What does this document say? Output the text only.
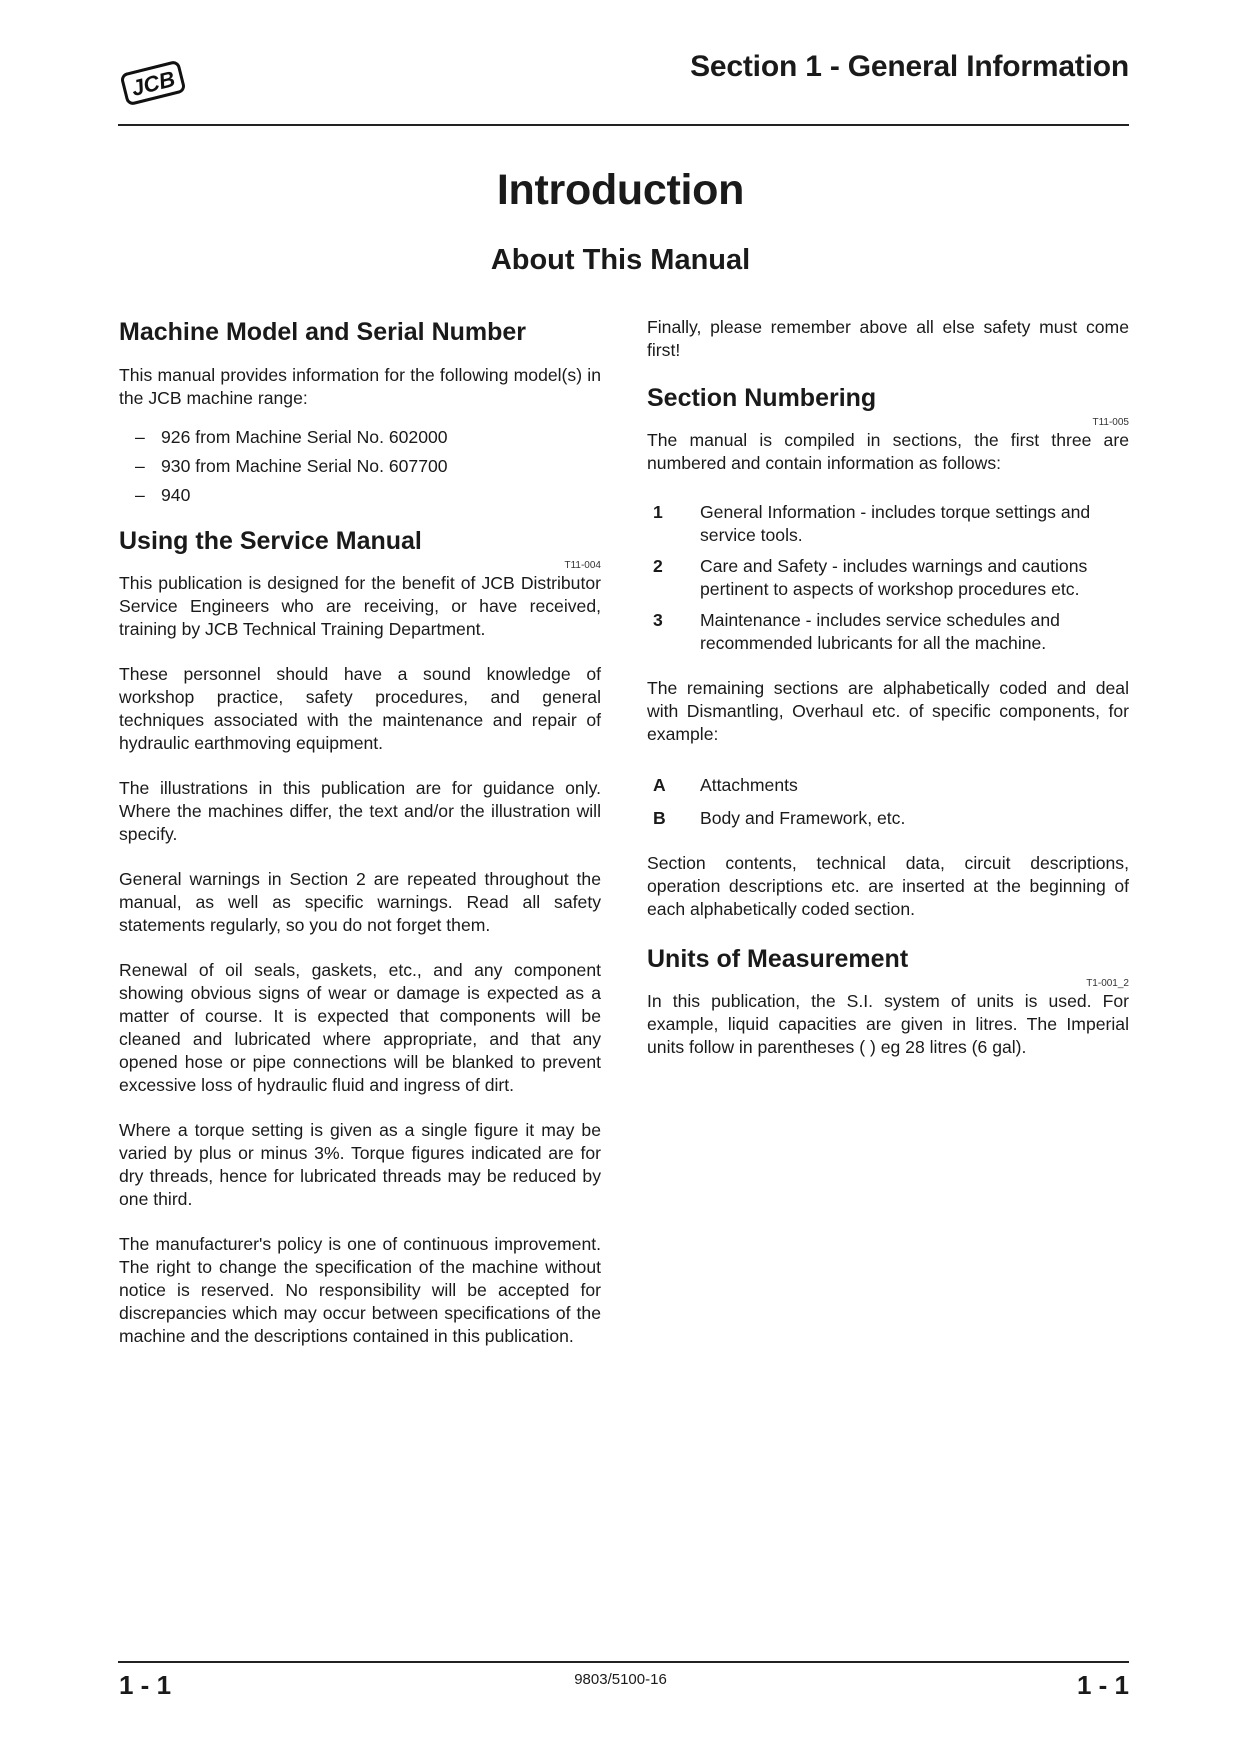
JCB	Section 1 - General Information
Introduction
About This Manual
Machine Model and Serial Number

This manual provides information for the following model(s) in the JCB machine range:

– 926 from Machine Serial No. 602000
– 930 from Machine Serial No. 607700
– 940
Using the Service Manual
T11-004

This publication is designed for the benefit of JCB Distributor Service Engineers who are receiving, or have received, training by JCB Technical Training Department.

These personnel should have a sound knowledge of workshop practice, safety procedures, and general techniques associated with the maintenance and repair of hydraulic earthmoving equipment.

The illustrations in this publication are for guidance only. Where the machines differ, the text and/or the illustration will specify.

General warnings in Section 2 are repeated throughout the manual, as well as specific warnings. Read all safety statements regularly, so you do not forget them.

Renewal of oil seals, gaskets, etc., and any component showing obvious signs of wear or damage is expected as a matter of course. It is expected that components will be cleaned and lubricated where appropriate, and that any opened hose or pipe connections will be blanked to prevent excessive loss of hydraulic fluid and ingress of dirt.

Where a torque setting is given as a single figure it may be varied by plus or minus 3%. Torque figures indicated are for dry threads, hence for lubricated threads may be reduced by one third.

The manufacturer's policy is one of continuous improvement. The right to change the specification of the machine without notice is reserved. No responsibility will be accepted for discrepancies which may occur between specifications of the machine and the descriptions contained in this publication.

Finally, please remember above all else safety must come first!

Section Numbering
T11-005

The manual is compiled in sections, the first three are numbered and contain information as follows:

1	General Information - includes torque settings and service tools.
2	Care and Safety - includes warnings and cautions pertinent to aspects of workshop procedures etc.
3	Maintenance - includes service schedules and recommended lubricants for all the machine.

The remaining sections are alphabetically coded and deal with Dismantling, Overhaul etc. of specific components, for example:

A	Attachments
B	Body and Framework, etc.

Section contents, technical data, circuit descriptions, operation descriptions etc. are inserted at the beginning of each alphabetically coded section.

Units of Measurement
T1-001_2

In this publication, the S.I. system of units is used. For example, liquid capacities are given in litres. The Imperial units follow in parentheses ( ) eg 28 litres (6 gal).

1 - 1	9803/5100-16	1 - 1
